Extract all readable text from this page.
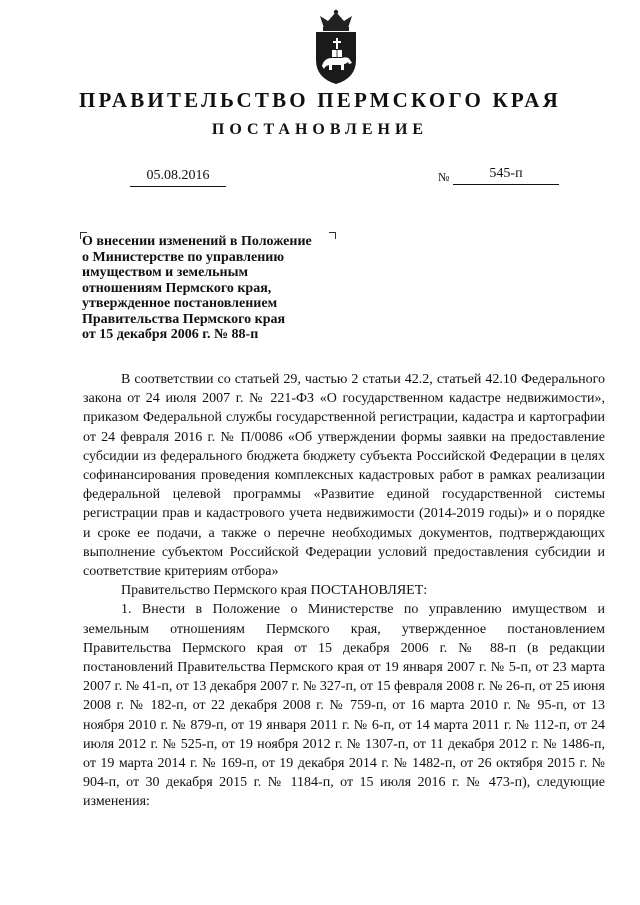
ПРАВИТЕЛЬСТВО ПЕРМСКОГО КРАЯ
ПОСТАНОВЛЕНИЕ
05.08.2016	№	545-п
О внесении изменений в Положение
о Министерстве по управлению
имуществом и земельным
отношениям Пермского края,
утвержденное постановлением
Правительства Пермского края
от 15 декабря 2006 г. № 88-п

В соответствии со статьей 29, частью 2 статьи 42.2, статьей 42.10 Федерального закона от 24 июля 2007 г. № 221-ФЗ «О государственном кадастре недвижимости», приказом Федеральной службы государственной регистрации, кадастра и картографии от 24 февраля 2016 г. № П/0086 «Об утверждении формы заявки на предоставление субсидии из федерального бюджета бюджету субъекта Российской Федерации в целях софинансирования проведения комплексных кадастровых работ в рамках реализации федеральной целевой программы «Развитие единой государственной системы регистрации прав и кадастрового учета недвижимости (2014-2019 годы)» и о порядке и сроке ее подачи, а также о перечне необходимых документов, подтверждающих выполнение субъектом Российской Федерации условий предоставления субсидии и соответствие критериям отбора»

Правительство Пермского края ПОСТАНОВЛЯЕТ:

1. Внести в Положение о Министерстве по управлению имуществом и земельным отношениям Пермского края, утвержденное постановлением Правительства Пермского края от 15 декабря 2006 г. № 88-п (в редакции постановлений Правительства Пермского края от 19 января 2007 г. № 5-п, от 23 марта 2007 г. № 41-п, от 13 декабря 2007 г. № 327-п, от 15 февраля 2008 г. № 26-п, от 25 июня 2008 г. № 182-п, от 22 декабря 2008 г. № 759-п, от 16 марта 2010 г. № 95-п, от 13 ноября 2010 г. № 879-п, от 19 января 2011 г. № 6-п, от 14 марта 2011 г. № 112-п, от 24 июля 2012 г. № 525-п, от 19 ноября 2012 г. № 1307-п, от 11 декабря 2012 г. № 1486-п, от 19 марта 2014 г. № 169-п, от 19 декабря 2014 г. № 1482-п, от 26 октября 2015 г. № 904-п, от 30 декабря 2015 г. № 1184-п, от 15 июля 2016 г. № 473-п), следующие изменения:
